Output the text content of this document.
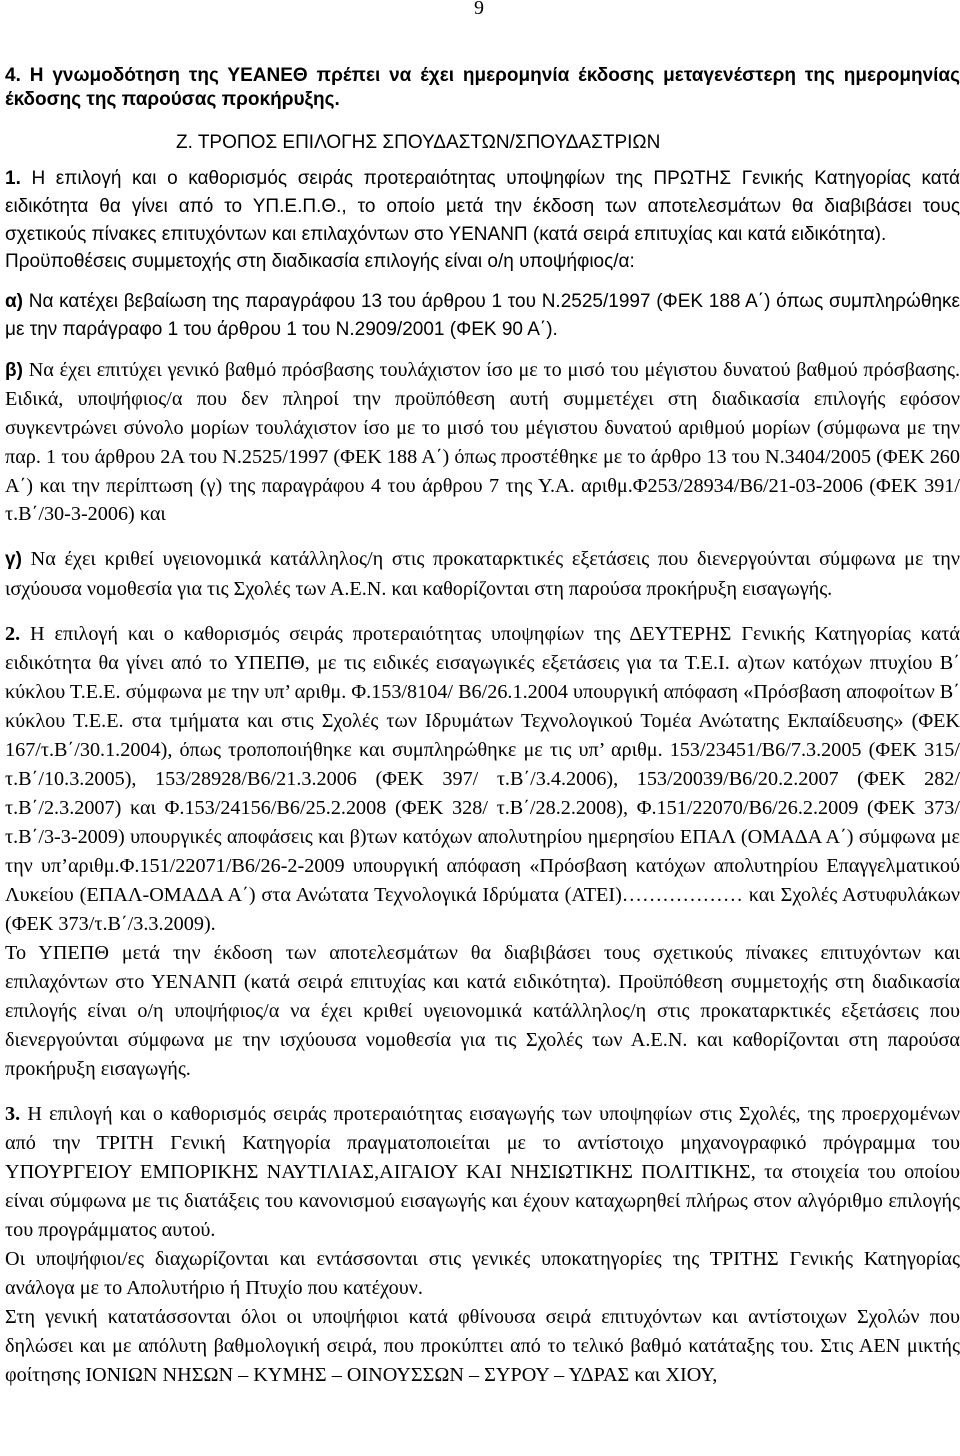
9

4. Η γνωμοδότηση της ΥΕΑΝΕΘ πρέπει να έχει ημερομηνία έκδοσης μεταγενέστερη της ημερομηνίας έκδοσης της παρούσας προκήρυξης.

Ζ. ΤΡΟΠΟΣ ΕΠΙΛΟΓΗΣ ΣΠΟΥΔΑΣΤΩΝ/ΣΠΟΥΔΑΣΤΡΙΩΝ

1. Η επιλογή και ο καθορισμός σειράς προτεραιότητας υποψηφίων της ΠΡΩΤΗΣ Γενικής Κατηγορίας κατά ειδικότητα θα γίνει από το ΥΠ.Ε.Π.Θ., το οποίο μετά την έκδοση των αποτελεσμάτων θα διαβιβάσει τους σχετικούς πίνακες επιτυχόντων και επιλαχόντων στο ΥΕΝΑΝΠ (κατά σειρά επιτυχίας και κατά ειδικότητα).

Προϋποθέσεις συμμετοχής στη διαδικασία επιλογής είναι ο/η υποψήφιος/α:

α) Να κατέχει βεβαίωση της παραγράφου 13 του άρθρου 1 του Ν.2525/1997 (ΦΕΚ 188 Α΄) όπως συμπληρώθηκε με την παράγραφο 1 του άρθρου 1 του Ν.2909/2001 (ΦΕΚ 90 Α΄).

β) Να έχει επιτύχει γενικό βαθμό πρόσβασης τουλάχιστον ίσο με το μισό του μέγιστου δυνατού βαθμού πρόσβασης. Ειδικά, υποψήφιος/α που δεν πληροί την προϋπόθεση αυτή συμμετέχει στη διαδικασία επιλογής εφόσον συγκεντρώνει σύνολο μορίων τουλάχιστον ίσο με το μισό του μέγιστου δυνατού αριθμού μορίων (σύμφωνα με την παρ. 1 του άρθρου 2Α του Ν.2525/1997 (ΦΕΚ 188 Α΄) όπως προστέθηκε με το άρθρο 13 του Ν.3404/2005 (ΦΕΚ 260 Α΄) και την περίπτωση (γ) της παραγράφου 4 του άρθρου 7 της Υ.Α. αριθμ.Φ253/28934/Β6/21-03-2006 (ΦΕΚ 391/τ.Β΄/30-3-2006) και

γ) Να έχει κριθεί υγειονομικά κατάλληλος/η στις προκαταρκτικές εξετάσεις που διενεργούνται σύμφωνα με την ισχύουσα νομοθεσία για τις Σχολές των Α.Ε.Ν. και καθορίζονται στη παρούσα προκήρυξη εισαγωγής.

2. Η επιλογή και ο καθορισμός σειράς προτεραιότητας υποψηφίων της ΔΕΥΤΕΡΗΣ Γενικής Κατηγορίας κατά ειδικότητα θα γίνει από το ΥΠΕΠΘ, με τις ειδικές εισαγωγικές εξετάσεις για τα Τ.Ε.Ι. α)των κατόχων πτυχίου Β΄ κύκλου Τ.Ε.Ε. σύμφωνα με την υπ’ αριθμ. Φ.153/8104/ Β6/26.1.2004 υπουργική απόφαση «Πρόσβαση αποφοίτων Β΄ κύκλου Τ.Ε.Ε. στα τμήματα και στις Σχολές των Ιδρυμάτων Τεχνολογικού Τομέα Ανώτατης Εκπαίδευσης» (ΦΕΚ 167/τ.Β΄/30.1.2004), όπως τροποποιήθηκε και συμπληρώθηκε με τις υπ’ αριθμ. 153/23451/Β6/7.3.2005 (ΦΕΚ 315/τ.Β΄/10.3.2005), 153/28928/Β6/21.3.2006 (ΦΕΚ 397/ τ.Β΄/3.4.2006), 153/20039/Β6/20.2.2007 (ΦΕΚ 282/ τ.Β΄/2.3.2007) και Φ.153/24156/Β6/25.2.2008 (ΦΕΚ 328/ τ.Β΄/28.2.2008), Φ.151/22070/Β6/26.2.2009 (ΦΕΚ 373/τ.Β΄/3-3-2009) υπουργικές αποφάσεις και β)των κατόχων απολυτηρίου ημερησίου ΕΠΑΛ (ΟΜΑΔΑ Α΄) σύμφωνα με την υπ’αριθμ.Φ.151/22071/Β6/26-2-2009 υπουργική απόφαση «Πρόσβαση κατόχων απολυτηρίου Επαγγελματικού Λυκείου (ΕΠΑΛ-ΟΜΑΔΑ Α΄) στα Ανώτατα Τεχνολογικά Ιδρύματα (ΑΤΕΙ)……………… και Σχολές Αστυφυλάκων (ΦΕΚ 373/τ.Β΄/3.3.2009).

Το ΥΠΕΠΘ μετά την έκδοση των αποτελεσμάτων θα διαβιβάσει τους σχετικούς πίνακες επιτυχόντων και επιλαχόντων στο ΥΕΝΑΝΠ (κατά σειρά επιτυχίας και κατά ειδικότητα). Προϋπόθεση συμμετοχής στη διαδικασία επιλογής είναι ο/η υποψήφιος/α να έχει κριθεί υγειονομικά κατάλληλος/η στις προκαταρκτικές εξετάσεις που διενεργούνται σύμφωνα με την ισχύουσα νομοθεσία για τις Σχολές των Α.Ε.Ν. και καθορίζονται στη παρούσα προκήρυξη εισαγωγής.

3. Η επιλογή και ο καθορισμός σειράς προτεραιότητας εισαγωγής των υποψηφίων στις Σχολές, της προερχομένων από την ΤΡΙΤΗ Γενική Κατηγορία πραγματοποιείται με το αντίστοιχο μηχανογραφικό πρόγραμμα του ΥΠΟΥΡΓΕΙΟΥ ΕΜΠΟΡΙΚΗΣ ΝΑΥΤΙΛΙΑΣ,ΑΙΓΑΙΟΥ ΚΑΙ ΝΗΣΙΩΤΙΚΗΣ ΠΟΛΙΤΙΚΗΣ, τα στοιχεία του οποίου είναι σύμφωνα με τις διατάξεις του κανονισμού εισαγωγής και έχουν καταχωρηθεί πλήρως στον αλγόριθμο επιλογής του προγράμματος αυτού.

Οι υποψήφιοι/ες διαχωρίζονται και εντάσσονται στις γενικές υποκατηγορίες της ΤΡΙΤΗΣ Γενικής Κατηγορίας ανάλογα με το Απολυτήριο ή Πτυχίο που κατέχουν.

Στη γενική κατατάσσονται όλοι οι υποψήφιοι κατά φθίνουσα σειρά επιτυχόντων και αντίστοιχων Σχολών που δηλώσει και με απόλυτη βαθμολογική σειρά, που προκύπτει από το τελικό βαθμό κατάταξης του. Στις ΑΕΝ μικτής φοίτησης ΙΟΝΙΩΝ ΝΗΣΩΝ – ΚΥΜΗΣ – ΟΙΝΟΥΣΣΩΝ – ΣΥΡΟΥ – ΥΔΡΑΣ και ΧΙΟΥ,
